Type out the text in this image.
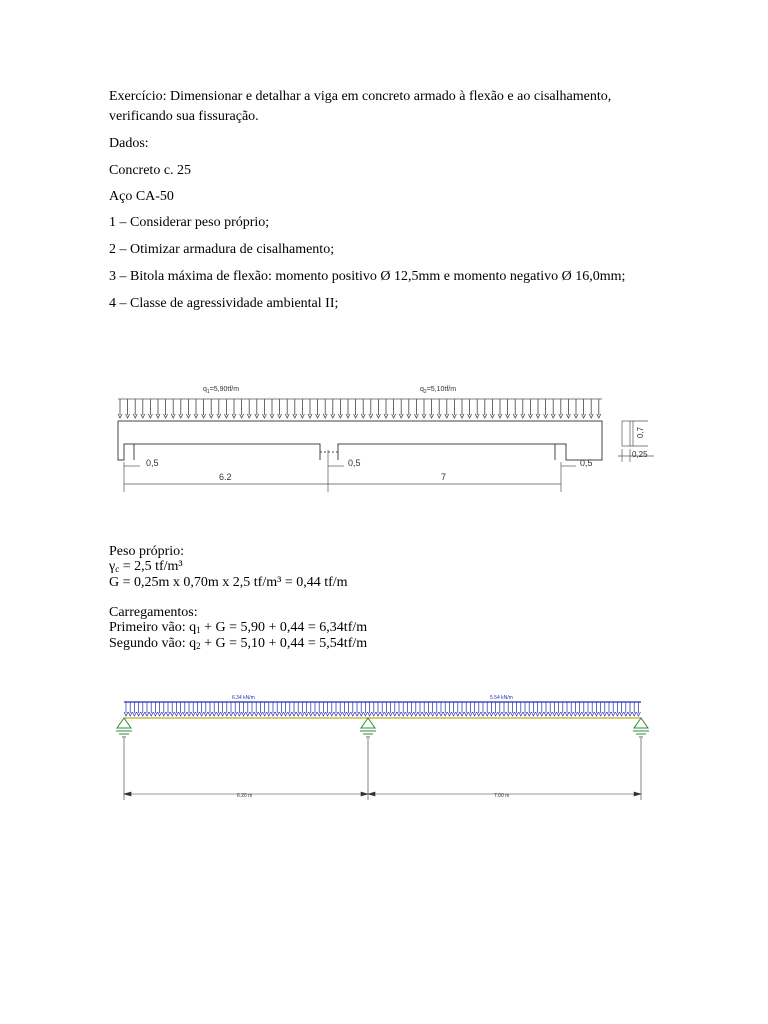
Exercício: Dimensionar e detalhar a viga em concreto armado à flexão e ao cisalhamento,
verificando sua fissuração.
Dados:
Concreto c. 25
Aço CA-50
1 – Considerar peso próprio;
2 – Otimizar armadura de cisalhamento;
3 – Bitola máxima de flexão: momento positivo Ø 12,5mm e momento negativo Ø 16,0mm;
4 – Classe de agressividade ambiental II;
$q_1=5,90tf/m$	$q_2=5,10tf/m$
0,5	0,5	0,5
6.2	7
0,7
0,25
Peso próprio:
γc = 2,5 tf/m³
G = 0,25m x 0,70m x 2,5 tf/m³ = 0,44 tf/m
Carregamentos:
Primeiro vão: q1 + G = 5,90 + 0,44 = 6,34tf/m
Segundo vão: q2 + G = 5,10 + 0,44 = 5,54tf/m
6.34 kN/m	5.54 kN/m
6.20 m	7.00 m
